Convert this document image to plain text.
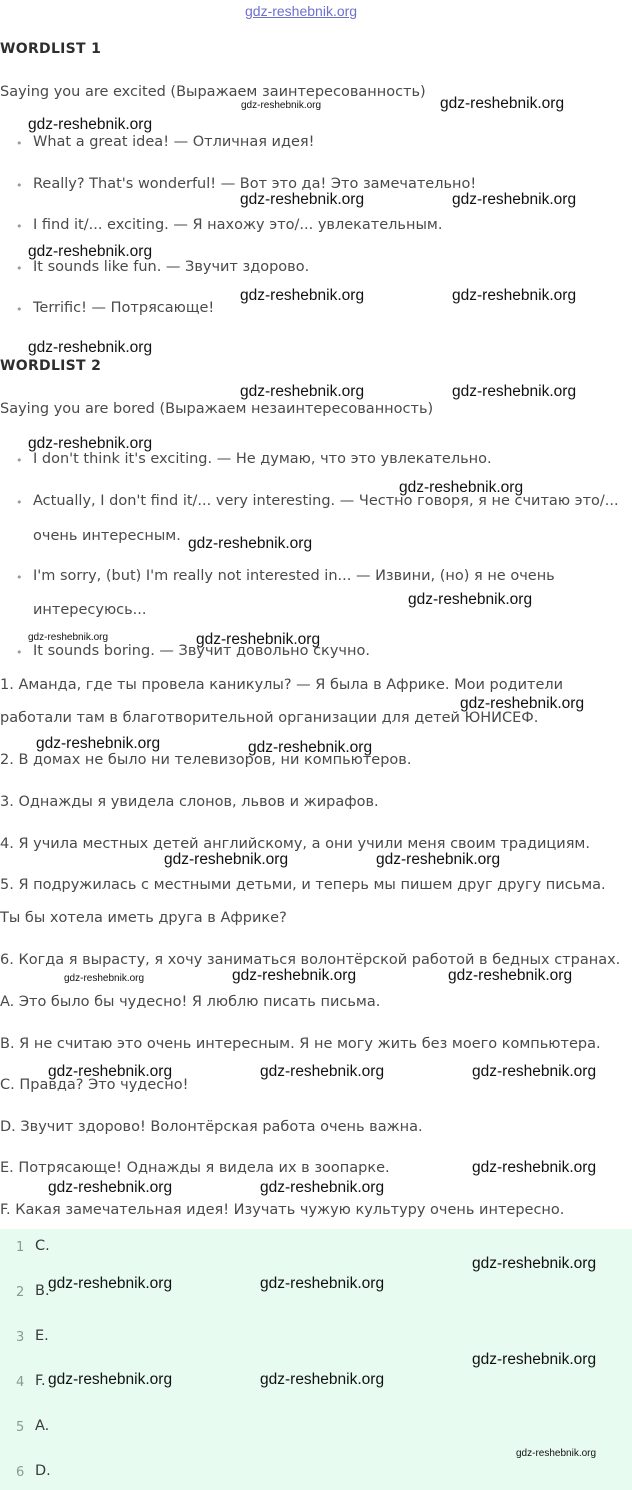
gdz-reshebnik.org
WORDLIST 1
Saying you are excited (Выражаем заинтересованность)
• What a great idea! — Отличная идея!
• Really? That's wonderful! — Вот это да! Это замечательно!
• I find it/... exciting. — Я нахожу это/... увлекательным.
• It sounds like fun. — Звучит здорово.
• Terrific! — Потрясающе!
WORDLIST 2
Saying you are bored (Выражаем незаинтересованность)
• I don't think it's exciting. — Не думаю, что это увлекательно.
• Actually, I don't find it/... very interesting. — Честно говоря, я не считаю это/...
очень интересным.
• I'm sorry, (but) I'm really not interested in... — Извини, (но) я не очень
интересуюсь...
• It sounds boring. — Звучит довольно скучно.
1. Аманда, где ты провела каникулы? — Я была в Африке. Мои родители
работали там в благотворительной организации для детей ЮНИСЕФ.
2. В домах не было ни телевизоров, ни компьютеров.
3. Однажды я увидела слонов, львов и жирафов.
4. Я учила местных детей английскому, а они учили меня своим традициям.
5. Я подружилась с местными детьми, и теперь мы пишем друг другу письма.
Ты бы хотела иметь друга в Африке?
6. Когда я вырасту, я хочу заниматься волонтёрской работой в бедных странах.
A. Это было бы чудесно! Я люблю писать письма.
B. Я не считаю это очень интересным. Я не могу жить без моего компьютера.
C. Правда? Это чудесно!
D. Звучит здорово! Волонтёрская работа очень важна.
E. Потрясающе! Однажды я видела их в зоопарке.
F. Какая замечательная идея! Изучать чужую культуру очень интересно.
1 C.
2 B.
3 E.
4 F.
5 A.
6 D.
gdz-reshebnik.org	gdz-reshebnik.org
gdz-reshebnik.org
gdz-reshebnik.org	gdz-reshebnik.org
gdz-reshebnik.org
gdz-reshebnik.org	gdz-reshebnik.org
gdz-reshebnik.org
gdz-reshebnik.org	gdz-reshebnik.org
gdz-reshebnik.org
gdz-reshebnik.org
gdz-reshebnik.org
gdz-reshebnik.org
gdz-reshebnik.org	gdz-reshebnik.org
gdz-reshebnik.org
gdz-reshebnik.org	gdz-reshebnik.org
gdz-reshebnik.org	gdz-reshebnik.org
gdz-reshebnik.org	gdz-reshebnik.org	gdz-reshebnik.org
gdz-reshebnik.org	gdz-reshebnik.org	gdz-reshebnik.org
gdz-reshebnik.org
gdz-reshebnik.org	gdz-reshebnik.org
gdz-reshebnik.org
gdz-reshebnik.org	gdz-reshebnik.org
gdz-reshebnik.org
gdz-reshebnik.org	gdz-reshebnik.org
gdz-reshebnik.org
